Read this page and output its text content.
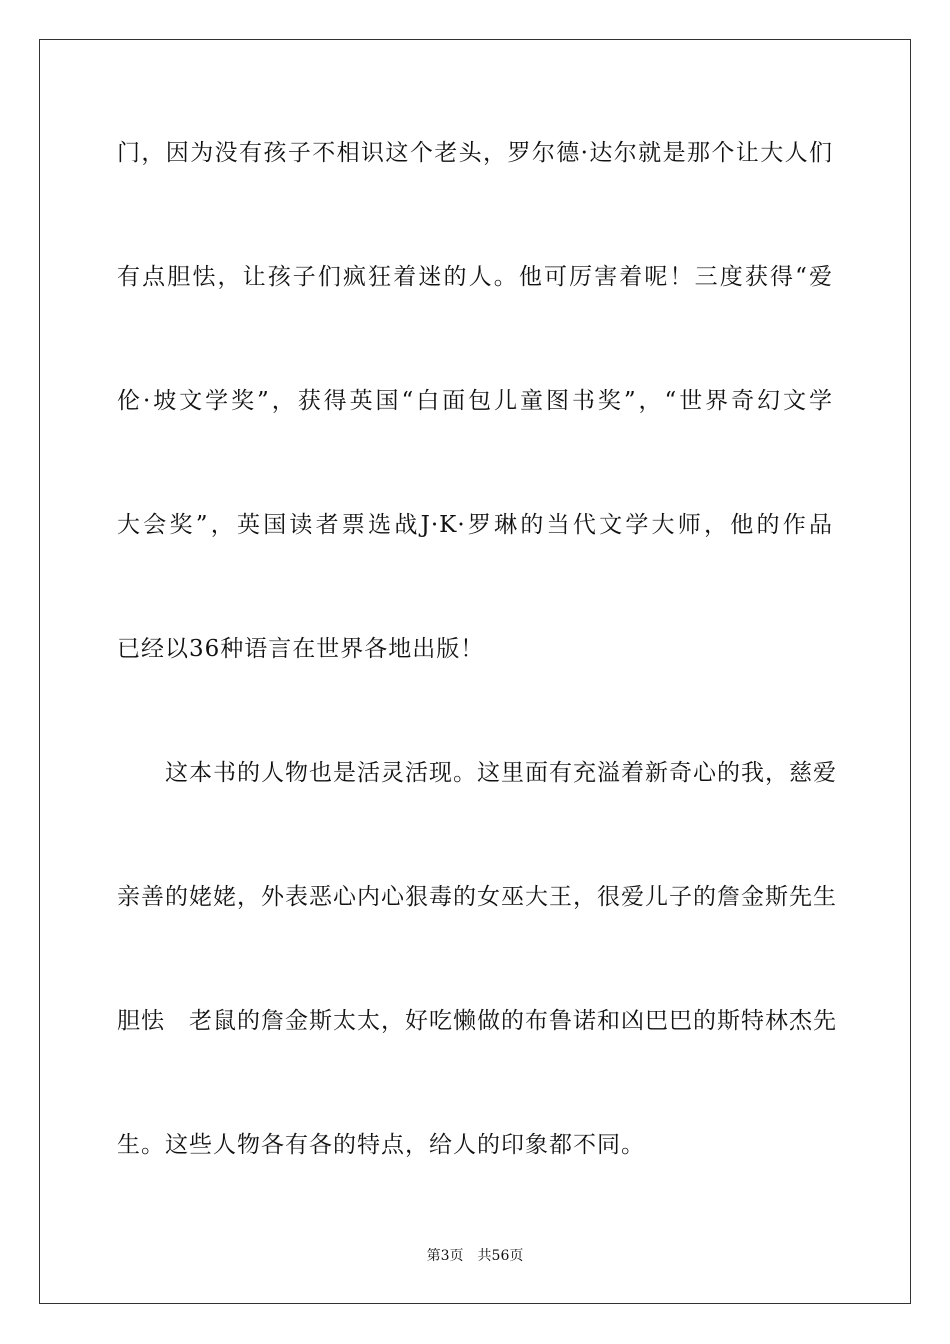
门，因为没有孩子不相识这个老头，罗尔德·达尔就是那个让大人们
有点胆怯，让孩子们疯狂着迷的人。他可厉害着呢！三度获得“爱
伦·坡文学奖”，获得英国“白面包儿童图书奖”，“世界奇幻文学
大会奖”，英国读者票选战J·K·罗琳的当代文学大师，他的作品
已经以36种语言在世界各地出版！
　　这本书的人物也是活灵活现。这里面有充溢着新奇心的我，慈爱
亲善的姥姥，外表恶心内心狠毒的女巫大王，很爱儿子的詹金斯先生
胆怯　老鼠的詹金斯太太，好吃懒做的布鲁诺和凶巴巴的斯特林杰先
生。这些人物各有各的特点，给人的印象都不同。
第3页　共56页
